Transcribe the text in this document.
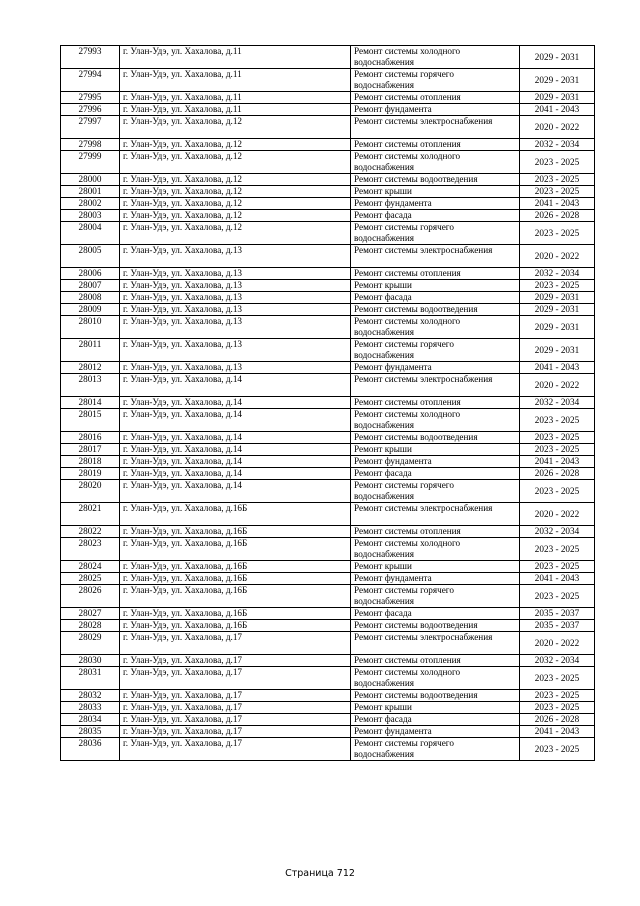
27993	г. Улан-Удэ, ул. Хахалова, д.11	Ремонт системы холодного водоснабжения	2029 - 2031
27994	г. Улан-Удэ, ул. Хахалова, д.11	Ремонт системы горячего водоснабжения	2029 - 2031
27995	г. Улан-Удэ, ул. Хахалова, д.11	Ремонт системы отопления	2029 - 2031
27996	г. Улан-Удэ, ул. Хахалова, д.11	Ремонт фундамента	2041 - 2043
27997	г. Улан-Удэ, ул. Хахалова, д.12	Ремонт системы электроснабжения	2020 - 2022
27998	г. Улан-Удэ, ул. Хахалова, д.12	Ремонт системы отопления	2032 - 2034
27999	г. Улан-Удэ, ул. Хахалова, д.12	Ремонт системы холодного водоснабжения	2023 - 2025
28000	г. Улан-Удэ, ул. Хахалова, д.12	Ремонт системы водоотведения	2023 - 2025
28001	г. Улан-Удэ, ул. Хахалова, д.12	Ремонт крыши	2023 - 2025
28002	г. Улан-Удэ, ул. Хахалова, д.12	Ремонт фундамента	2041 - 2043
28003	г. Улан-Удэ, ул. Хахалова, д.12	Ремонт фасада	2026 - 2028
28004	г. Улан-Удэ, ул. Хахалова, д.12	Ремонт системы горячего водоснабжения	2023 - 2025
28005	г. Улан-Удэ, ул. Хахалова, д.13	Ремонт системы электроснабжения	2020 - 2022
28006	г. Улан-Удэ, ул. Хахалова, д.13	Ремонт системы отопления	2032 - 2034
28007	г. Улан-Удэ, ул. Хахалова, д.13	Ремонт крыши	2023 - 2025
28008	г. Улан-Удэ, ул. Хахалова, д.13	Ремонт фасада	2029 - 2031
28009	г. Улан-Удэ, ул. Хахалова, д.13	Ремонт системы водоотведения	2029 - 2031
28010	г. Улан-Удэ, ул. Хахалова, д.13	Ремонт системы холодного водоснабжения	2029 - 2031
28011	г. Улан-Удэ, ул. Хахалова, д.13	Ремонт системы горячего водоснабжения	2029 - 2031
28012	г. Улан-Удэ, ул. Хахалова, д.13	Ремонт фундамента	2041 - 2043
28013	г. Улан-Удэ, ул. Хахалова, д.14	Ремонт системы электроснабжения	2020 - 2022
28014	г. Улан-Удэ, ул. Хахалова, д.14	Ремонт системы отопления	2032 - 2034
28015	г. Улан-Удэ, ул. Хахалова, д.14	Ремонт системы холодного водоснабжения	2023 - 2025
28016	г. Улан-Удэ, ул. Хахалова, д.14	Ремонт системы водоотведения	2023 - 2025
28017	г. Улан-Удэ, ул. Хахалова, д.14	Ремонт крыши	2023 - 2025
28018	г. Улан-Удэ, ул. Хахалова, д.14	Ремонт фундамента	2041 - 2043
28019	г. Улан-Удэ, ул. Хахалова, д.14	Ремонт фасада	2026 - 2028
28020	г. Улан-Удэ, ул. Хахалова, д.14	Ремонт системы горячего водоснабжения	2023 - 2025
28021	г. Улан-Удэ, ул. Хахалова, д.16Б	Ремонт системы электроснабжения	2020 - 2022
28022	г. Улан-Удэ, ул. Хахалова, д.16Б	Ремонт системы отопления	2032 - 2034
28023	г. Улан-Удэ, ул. Хахалова, д.16Б	Ремонт системы холодного водоснабжения	2023 - 2025
28024	г. Улан-Удэ, ул. Хахалова, д.16Б	Ремонт крыши	2023 - 2025
28025	г. Улан-Удэ, ул. Хахалова, д.16Б	Ремонт фундамента	2041 - 2043
28026	г. Улан-Удэ, ул. Хахалова, д.16Б	Ремонт системы горячего водоснабжения	2023 - 2025
28027	г. Улан-Удэ, ул. Хахалова, д.16Б	Ремонт фасада	2035 - 2037
28028	г. Улан-Удэ, ул. Хахалова, д.16Б	Ремонт системы водоотведения	2035 - 2037
28029	г. Улан-Удэ, ул. Хахалова, д.17	Ремонт системы электроснабжения	2020 - 2022
28030	г. Улан-Удэ, ул. Хахалова, д.17	Ремонт системы отопления	2032 - 2034
28031	г. Улан-Удэ, ул. Хахалова, д.17	Ремонт системы холодного водоснабжения	2023 - 2025
28032	г. Улан-Удэ, ул. Хахалова, д.17	Ремонт системы водоотведения	2023 - 2025
28033	г. Улан-Удэ, ул. Хахалова, д.17	Ремонт крыши	2023 - 2025
28034	г. Улан-Удэ, ул. Хахалова, д.17	Ремонт фасада	2026 - 2028
28035	г. Улан-Удэ, ул. Хахалова, д.17	Ремонт фундамента	2041 - 2043
28036	г. Улан-Удэ, ул. Хахалова, д.17	Ремонт системы горячего водоснабжения	2023 - 2025
Страница 712
